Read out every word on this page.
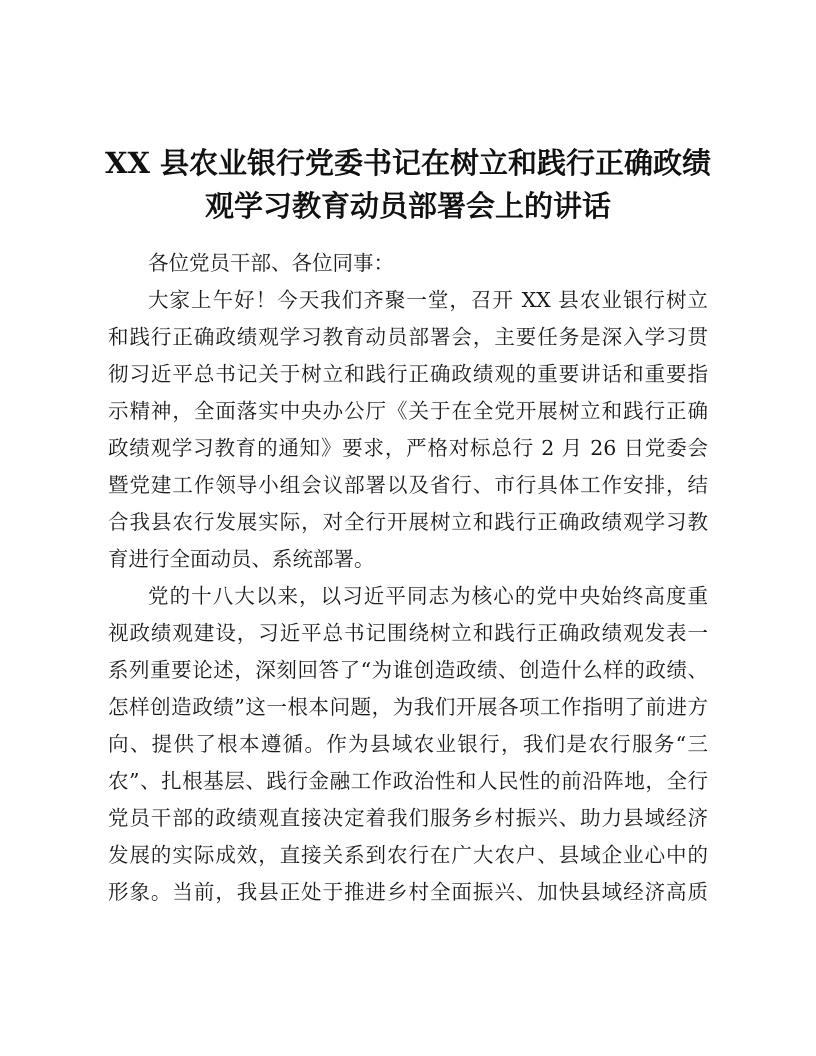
XX 县农业银行党委书记在树立和践行正确政绩
观学习教育动员部署会上的讲话
各位党员干部、各位同事：
大家上午好！今天我们齐聚一堂，召开 XX 县农业银行树立
和践行正确政绩观学习教育动员部署会，主要任务是深入学习贯
彻习近平总书记关于树立和践行正确政绩观的重要讲话和重要指
示精神，全面落实中央办公厅《关于在全党开展树立和践行正确
政绩观学习教育的通知》要求，严格对标总行 2 月 26 日党委会
暨党建工作领导小组会议部署以及省行、市行具体工作安排，结
合我县农行发展实际，对全行开展树立和践行正确政绩观学习教
育进行全面动员、系统部署。
党的十八大以来，以习近平同志为核心的党中央始终高度重
视政绩观建设，习近平总书记围绕树立和践行正确政绩观发表一
系列重要论述，深刻回答了“为谁创造政绩、创造什么样的政绩、
怎样创造政绩”这一根本问题，为我们开展各项工作指明了前进方
向、提供了根本遵循。作为县域农业银行，我们是农行服务“三
农”、扎根基层、践行金融工作政治性和人民性的前沿阵地，全行
党员干部的政绩观直接决定着我们服务乡村振兴、助力县域经济
发展的实际成效，直接关系到农行在广大农户、县域企业心中的
形象。当前，我县正处于推进乡村全面振兴、加快县域经济高质
